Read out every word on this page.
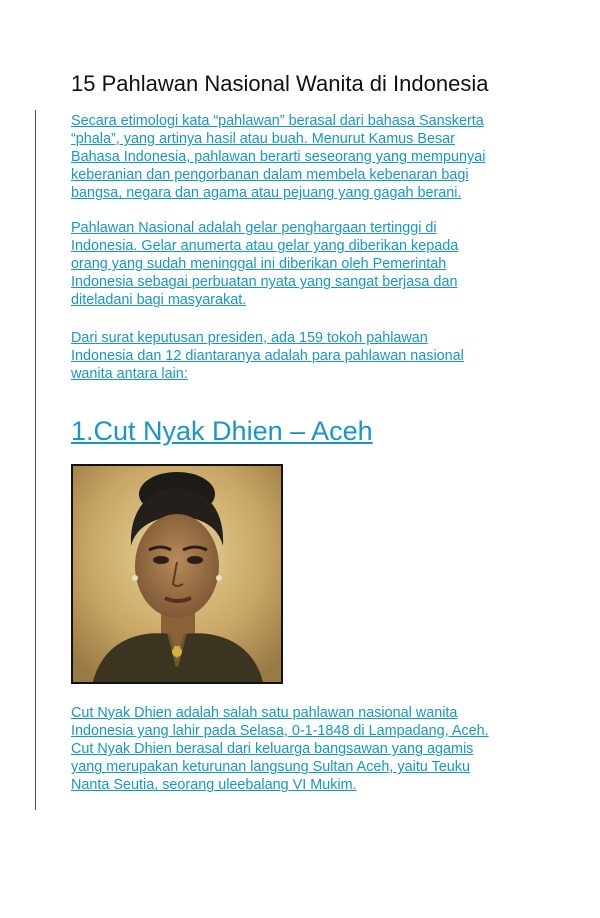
15 Pahlawan Nasional Wanita di Indonesia

Secara etimologi kata “pahlawan” berasal dari bahasa Sanskerta
“phala”, yang artinya hasil atau buah. Menurut Kamus Besar
Bahasa Indonesia, pahlawan berarti seseorang yang mempunyai
keberanian dan pengorbanan dalam membela kebenaran bagi
bangsa, negara dan agama atau pejuang yang gagah berani.

Pahlawan Nasional adalah gelar penghargaan tertinggi di
Indonesia. Gelar anumerta atau gelar yang diberikan kepada
orang yang sudah meninggal ini diberikan oleh Pemerintah
Indonesia sebagai perbuatan nyata yang sangat berjasa dan
diteladani bagi masyarakat.

Dari surat keputusan presiden, ada 159 tokoh pahlawan
Indonesia dan 12 diantaranya adalah para pahlawan nasional
wanita antara lain:

1.Cut Nyak Dhien – Aceh

Cut Nyak Dhien adalah salah satu pahlawan nasional wanita
Indonesia yang lahir pada Selasa, 0-1-1848 di Lampadang, Aceh.
Cut Nyak Dhien berasal dari keluarga bangsawan yang agamis
yang merupakan keturunan langsung Sultan Aceh, yaitu Teuku
Nanta Seutia, seorang uleebalang VI Mukim.
